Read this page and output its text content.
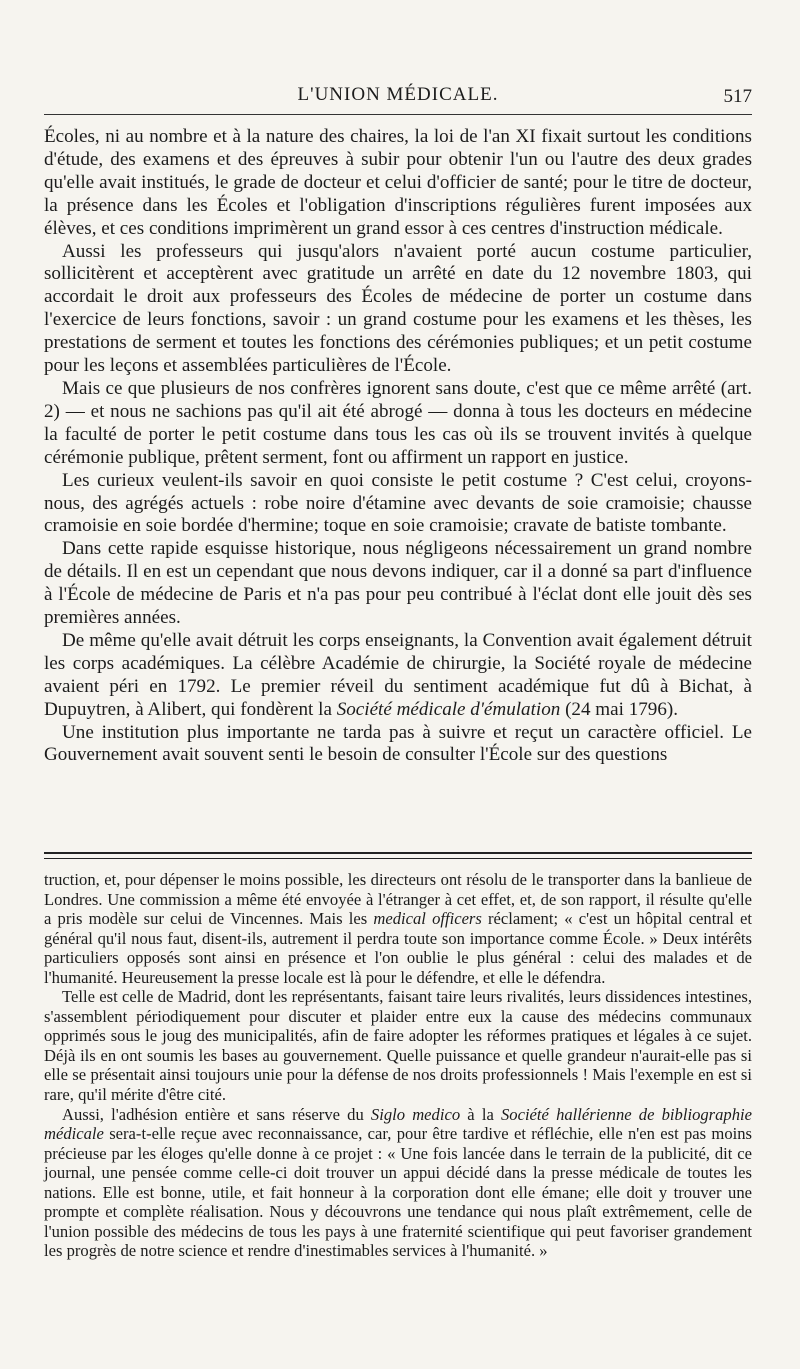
L'UNION MÉDICALE.	517

Écoles, ni au nombre et à la nature des chaires, la loi de l'an XI fixait surtout les conditions d'étude, des examens et des épreuves à subir pour obtenir l'un ou l'autre des deux grades qu'elle avait institués, le grade de docteur et celui d'officier de santé; pour le titre de docteur, la présence dans les Écoles et l'obligation d'inscriptions régulières furent imposées aux élèves, et ces conditions imprimèrent un grand essor à ces centres d'instruction médicale.

Aussi les professeurs qui jusqu'alors n'avaient porté aucun costume particulier, sollicitèrent et acceptèrent avec gratitude un arrêté en date du 12 novembre 1803, qui accordait le droit aux professeurs des Écoles de médecine de porter un costume dans l'exercice de leurs fonctions, savoir : un grand costume pour les examens et les thèses, les prestations de serment et toutes les fonctions des cérémonies publiques; et un petit costume pour les leçons et assemblées particulières de l'École.

Mais ce que plusieurs de nos confrères ignorent sans doute, c'est que ce même arrêté (art. 2) — et nous ne sachions pas qu'il ait été abrogé — donna à tous les docteurs en médecine la faculté de porter le petit costume dans tous les cas où ils se trouvent invités à quelque cérémonie publique, prêtent serment, font ou affirment un rapport en justice.

Les curieux veulent-ils savoir en quoi consiste le petit costume ? C'est celui, croyons-nous, des agrégés actuels : robe noire d'étamine avec devants de soie cramoisie; chausse cramoisie en soie bordée d'hermine; toque en soie cramoisie; cravate de batiste tombante.

Dans cette rapide esquisse historique, nous négligeons nécessairement un grand nombre de détails. Il en est un cependant que nous devons indiquer, car il a donné sa part d'influence à l'École de médecine de Paris et n'a pas pour peu contribué à l'éclat dont elle jouit dès ses premières années.

De même qu'elle avait détruit les corps enseignants, la Convention avait également détruit les corps académiques. La célèbre Académie de chirurgie, la Société royale de médecine avaient péri en 1792. Le premier réveil du sentiment académique fut dû à Bichat, à Dupuytren, à Alibert, qui fondèrent la Société médicale d'émulation (24 mai 1796).

Une institution plus importante ne tarda pas à suivre et reçut un caractère officiel. Le Gouvernement avait souvent senti le besoin de consulter l'École sur des questions

truction, et, pour dépenser le moins possible, les directeurs ont résolu de le transporter dans la banlieue de Londres. Une commission a même été envoyée à l'étranger à cet effet, et, de son rapport, il résulte qu'elle a pris modèle sur celui de Vincennes. Mais les medical officers réclament; « c'est un hôpital central et général qu'il nous faut, disent-ils, autrement il perdra toute son importance comme École. » Deux intérêts particuliers opposés sont ainsi en présence et l'on oublie le plus général : celui des malades et de l'humanité. Heureusement la presse locale est là pour le défendre, et elle le défendra.

Telle est celle de Madrid, dont les représentants, faisant taire leurs rivalités, leurs dissidences intestines, s'assemblent périodiquement pour discuter et plaider entre eux la cause des médecins communaux opprimés sous le joug des municipalités, afin de faire adopter les réformes pratiques et légales à ce sujet. Déjà ils en ont soumis les bases au gouvernement. Quelle puissance et quelle grandeur n'aurait-elle pas si elle se présentait ainsi toujours unie pour la défense de nos droits professionnels ! Mais l'exemple en est si rare, qu'il mérite d'être cité.

Aussi, l'adhésion entière et sans réserve du Siglo medico à la Société hallérienne de bibliographie médicale sera-t-elle reçue avec reconnaissance, car, pour être tardive et réfléchie, elle n'en est pas moins précieuse par les éloges qu'elle donne à ce projet : « Une fois lancée dans le terrain de la publicité, dit ce journal, une pensée comme celle-ci doit trouver un appui décidé dans la presse médicale de toutes les nations. Elle est bonne, utile, et fait honneur à la corporation dont elle émane; elle doit y trouver une prompte et complète réalisation. Nous y découvrons une tendance qui nous plaît extrêmement, celle de l'union possible des médecins de tous les pays à une fraternité scientifique qui peut favoriser grandement les progrès de notre science et rendre d'inestimables services à l'humanité. »
